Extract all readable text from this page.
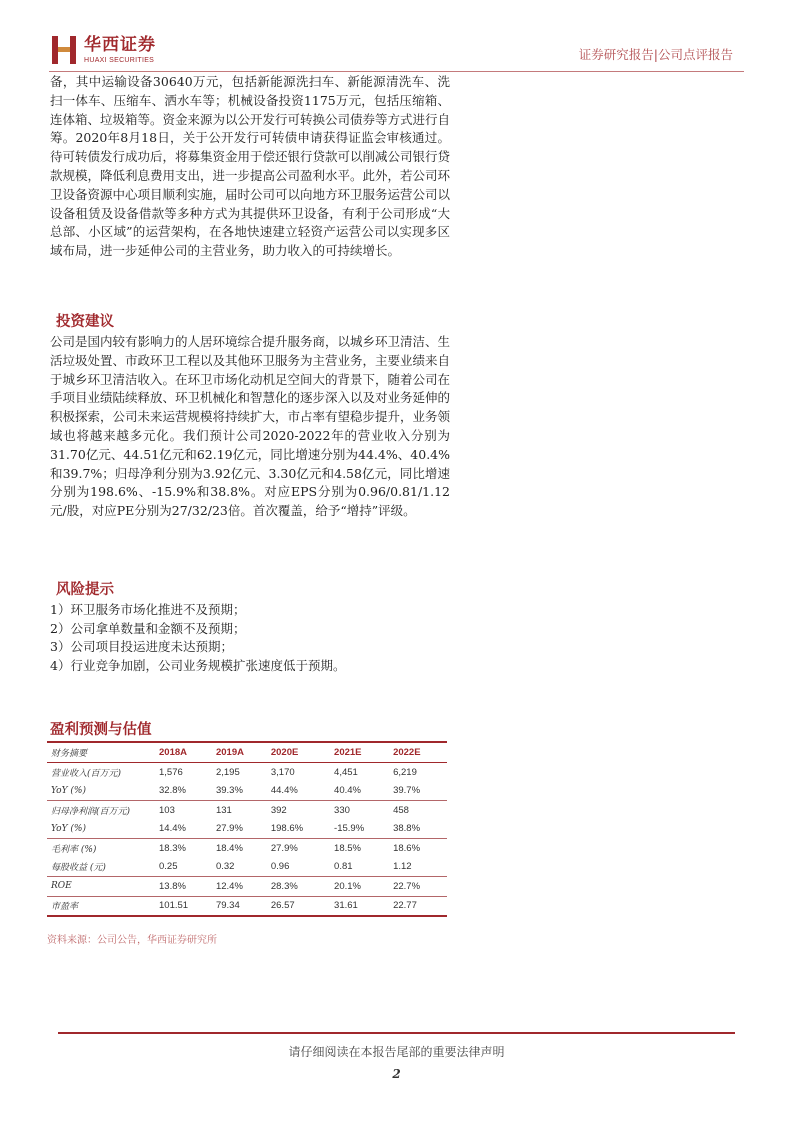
华西证券
HUAXI SECURITIES	证券研究报告|公司点评报告

备，其中运输设备30640万元，包括新能源洗扫车、新能源清洗车、洗扫一体车、压缩车、洒水车等；机械设备投资1175万元，包括压缩箱、连体箱、垃圾箱等。资金来源为以公开发行可转换公司债券等方式进行自筹。2020年8月18日，关于公开发行可转债申请获得证监会审核通过。待可转债发行成功后，将募集资金用于偿还银行贷款可以削减公司银行贷款规模，降低利息费用支出，进一步提高公司盈利水平。此外，若公司环卫设备资源中心项目顺利实施，届时公司可以向地方环卫服务运营公司以设备租赁及设备借款等多种方式为其提供环卫设备，有利于公司形成“大总部、小区域”的运营架构，在各地快速建立轻资产运营公司以实现多区域布局，进一步延伸公司的主营业务，助力收入的可持续增长。

投资建议

公司是国内较有影响力的人居环境综合提升服务商，以城乡环卫清洁、生活垃圾处置、市政环卫工程以及其他环卫服务为主营业务，主要业绩来自于城乡环卫清洁收入。在环卫市场化动机足空间大的背景下，随着公司在手项目业绩陆续释放、环卫机械化和智慧化的逐步深入以及对业务延伸的积极探索，公司未来运营规模将持续扩大，市占率有望稳步提升，业务领域也将越来越多元化。我们预计公司2020-2022年的营业收入分别为31.70亿元、44.51亿元和62.19亿元，同比增速分别为44.4%、40.4%和39.7%；归母净利分别为3.92亿元、3.30亿元和4.58亿元，同比增速分别为198.6%、-15.9%和38.8%。对应EPS分别为0.96/0.81/1.12元/股，对应PE分别为27/32/23倍。首次覆盖，给予“增持”评级。

风险提示

1）环卫服务市场化推进不及预期；

2）公司拿单数量和金额不及预期；

3）公司项目投运进度未达预期；

4）行业竞争加剧，公司业务规模扩张速度低于预期。

盈利预测与估值
财务摘要	2018A	2019A	2020E	2021E	2022E
营业收入(百万元)	1,576	2,195	3,170	4,451	6,219
YoY (%)	32.8%	39.3%	44.4%	40.4%	39.7%
归母净利润(百万元)	103	131	392	330	458
YoY (%)	14.4%	27.9%	198.6%	-15.9%	38.8%
毛利率 (%)	18.3%	18.4%	27.9%	18.5%	18.6%
每股收益 (元)	0.25	0.32	0.96	0.81	1.12
ROE	13.8%	12.4%	28.3%	20.1%	22.7%
市盈率	101.51	79.34	26.57	31.61	22.77
资料来源：公司公告，华西证券研究所
请仔细阅读在本报告尾部的重要法律声明
2
